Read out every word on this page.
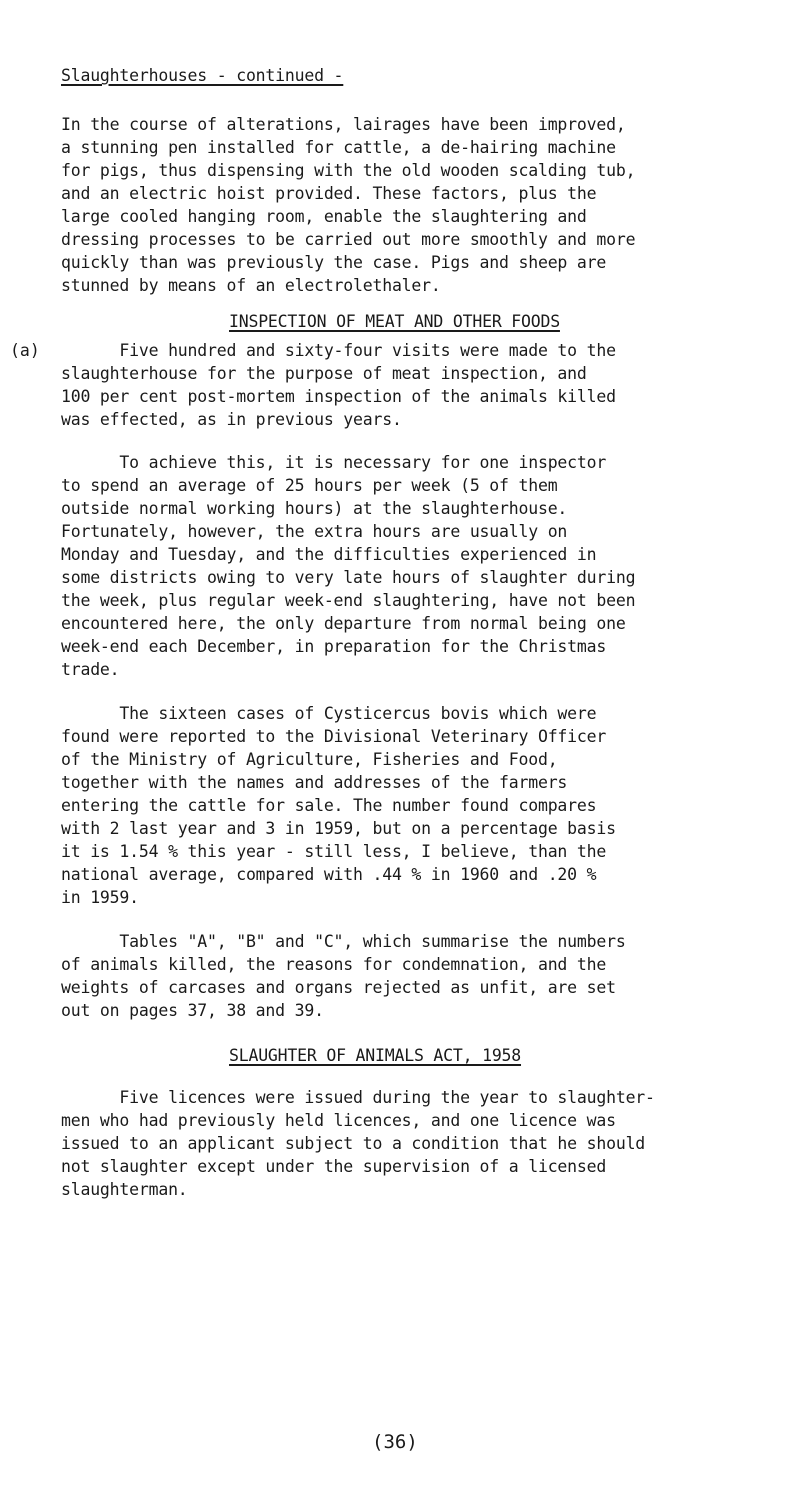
Slaughterhouses - continued -
In the course of alterations, lairages have been improved,
a stunning pen installed for cattle, a de-hairing machine
for pigs, thus dispensing with the old wooden scalding tub,
and an electric hoist provided. These factors, plus the
large cooled hanging room, enable the slaughtering and
dressing processes to be carried out more smoothly and more
quickly than was previously the case. Pigs and sheep are
stunned by means of an electrolethaler.
INSPECTION OF MEAT AND OTHER FOODS
(a) Five hundred and sixty-four visits were made to the
slaughterhouse for the purpose of meat inspection, and
100 per cent post-mortem inspection of the animals killed
was effected, as in previous years.
To achieve this, it is necessary for one inspector
to spend an average of 25 hours per week (5 of them
outside normal working hours) at the slaughterhouse.
Fortunately, however, the extra hours are usually on
Monday and Tuesday, and the difficulties experienced in
some districts owing to very late hours of slaughter during
the week, plus regular week-end slaughtering, have not been
encountered here, the only departure from normal being one
week-end each December, in preparation for the Christmas
trade.
The sixteen cases of Cysticercus bovis which were
found were reported to the Divisional Veterinary Officer
of the Ministry of Agriculture, Fisheries and Food,
together with the names and addresses of the farmers
entering the cattle for sale. The number found compares
with 2 last year and 3 in 1959, but on a percentage basis
it is 1.54 % this year - still less, I believe, than the
national average, compared with .44 % in 1960 and .20 %
in 1959.
Tables "A", "B" and "C", which summarise the numbers
of animals killed, the reasons for condemnation, and the
weights of carcases and organs rejected as unfit, are set
out on pages 37, 38 and 39.
SLAUGHTER OF ANIMALS ACT, 1958
Five licences were issued during the year to slaughter-
men who had previously held licences, and one licence was
issued to an applicant subject to a condition that he should
not slaughter except under the supervision of a licensed
slaughterman.
(36)
